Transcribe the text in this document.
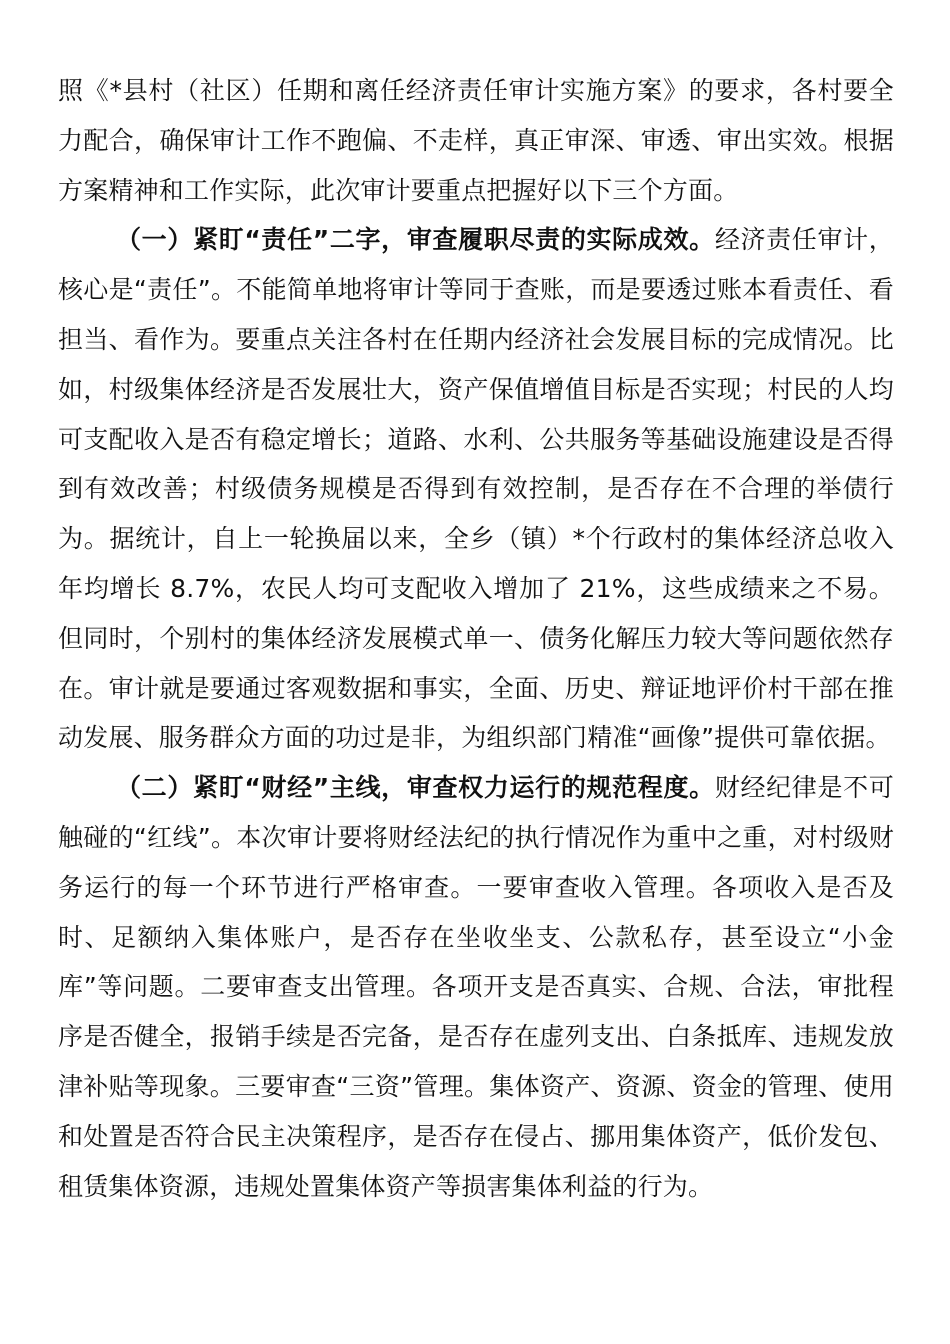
照《*县村（社区）任期和离任经济责任审计实施方案》的要求，各村要全力配合，确保审计工作不跑偏、不走样，真正审深、审透、审出实效。根据方案精神和工作实际，此次审计要重点把握好以下三个方面。

（一）紧盯“责任”二字，审查履职尽责的实际成效。经济责任审计，核心是“责任”。不能简单地将审计等同于查账，而是要透过账本看责任、看担当、看作为。要重点关注各村在任期内经济社会发展目标的完成情况。比如，村级集体经济是否发展壮大，资产保值增值目标是否实现；村民的人均可支配收入是否有稳定增长；道路、水利、公共服务等基础设施建设是否得到有效改善；村级债务规模是否得到有效控制，是否存在不合理的举债行为。据统计，自上一轮换届以来，全乡（镇）*个行政村的集体经济总收入年均增长 8.7%，农民人均可支配收入增加了 21%，这些成绩来之不易。但同时，个别村的集体经济发展模式单一、债务化解压力较大等问题依然存在。审计就是要通过客观数据和事实，全面、历史、辩证地评价村干部在推动发展、服务群众方面的功过是非，为组织部门精准“画像”提供可靠依据。

（二）紧盯“财经”主线，审查权力运行的规范程度。财经纪律是不可触碰的“红线”。本次审计要将财经法纪的执行情况作为重中之重，对村级财务运行的每一个环节进行严格审查。一要审查收入管理。各项收入是否及时、足额纳入集体账户，是否存在坐收坐支、公款私存，甚至设立“小金库”等问题。二要审查支出管理。各项开支是否真实、合规、合法，审批程序是否健全，报销手续是否完备，是否存在虚列支出、白条抵库、违规发放津补贴等现象。三要审查“三资”管理。集体资产、资源、资金的管理、使用和处置是否符合民主决策程序，是否存在侵占、挪用集体资产，低价发包、租赁集体资源，违规处置集体资产等损害集体利益的行为。
